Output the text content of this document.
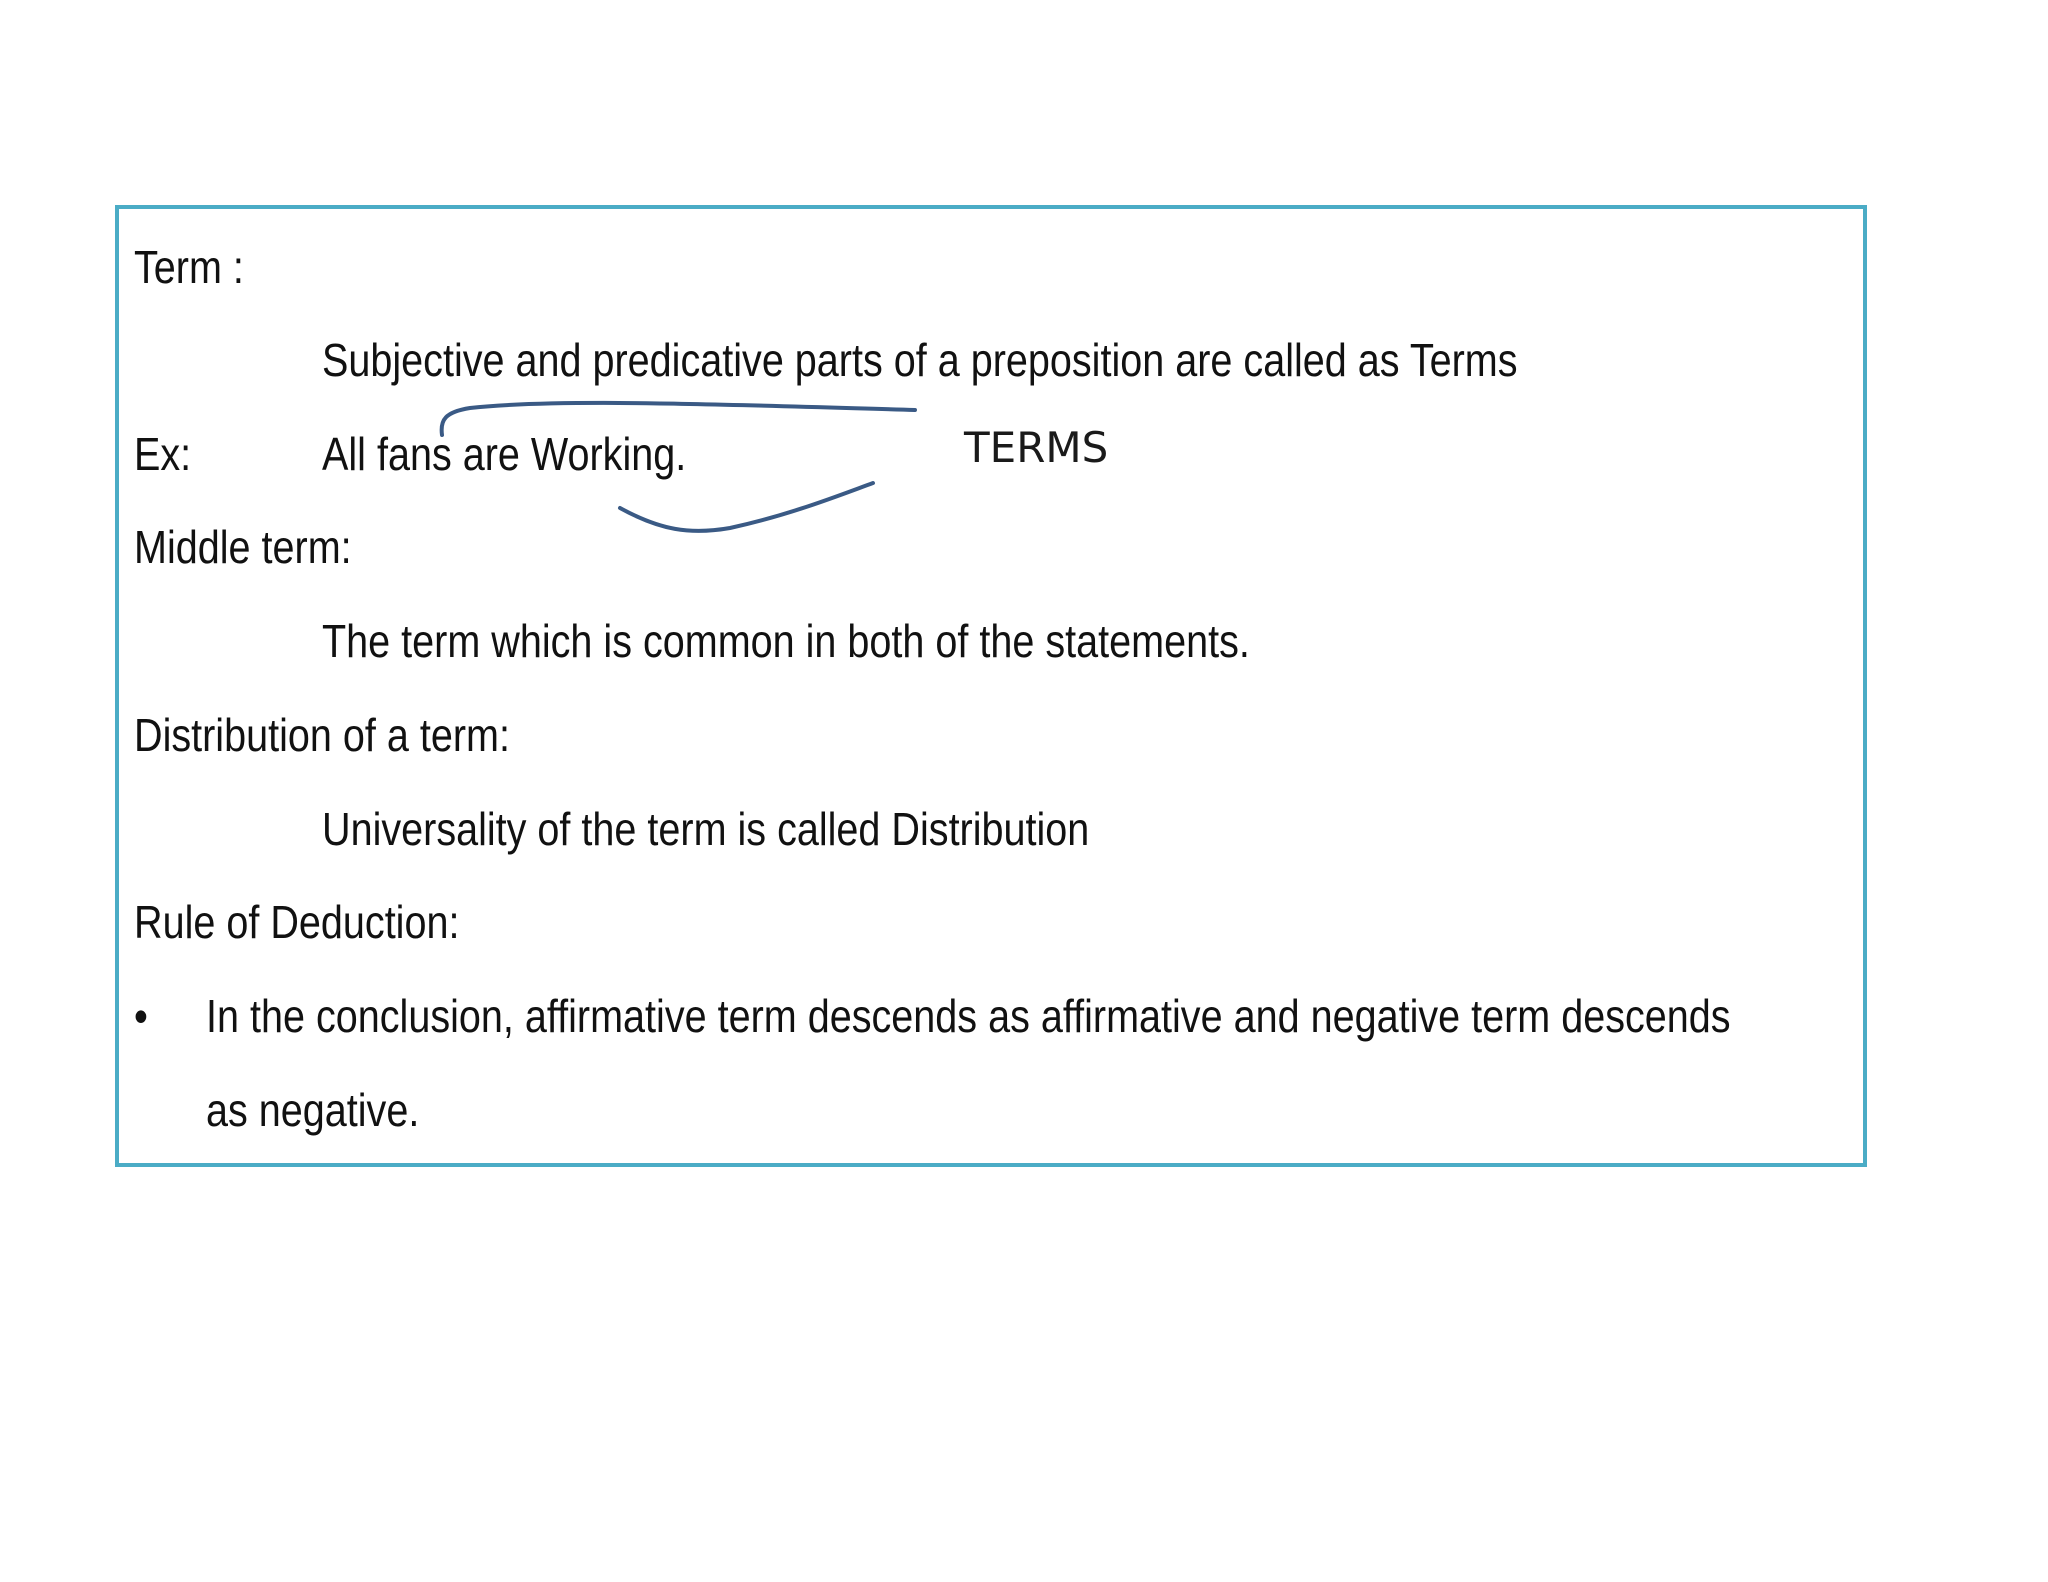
Term :
Subjective and predicative parts of a preposition are called as Terms
Ex:	All fans are Working.
Middle term:
The term which is common in both of the statements.
Distribution of a term:
Universality of the term is called Distribution
Rule of Deduction:
• In the conclusion, affirmative term descends as affirmative and negative term descends
as negative.
TERMS
